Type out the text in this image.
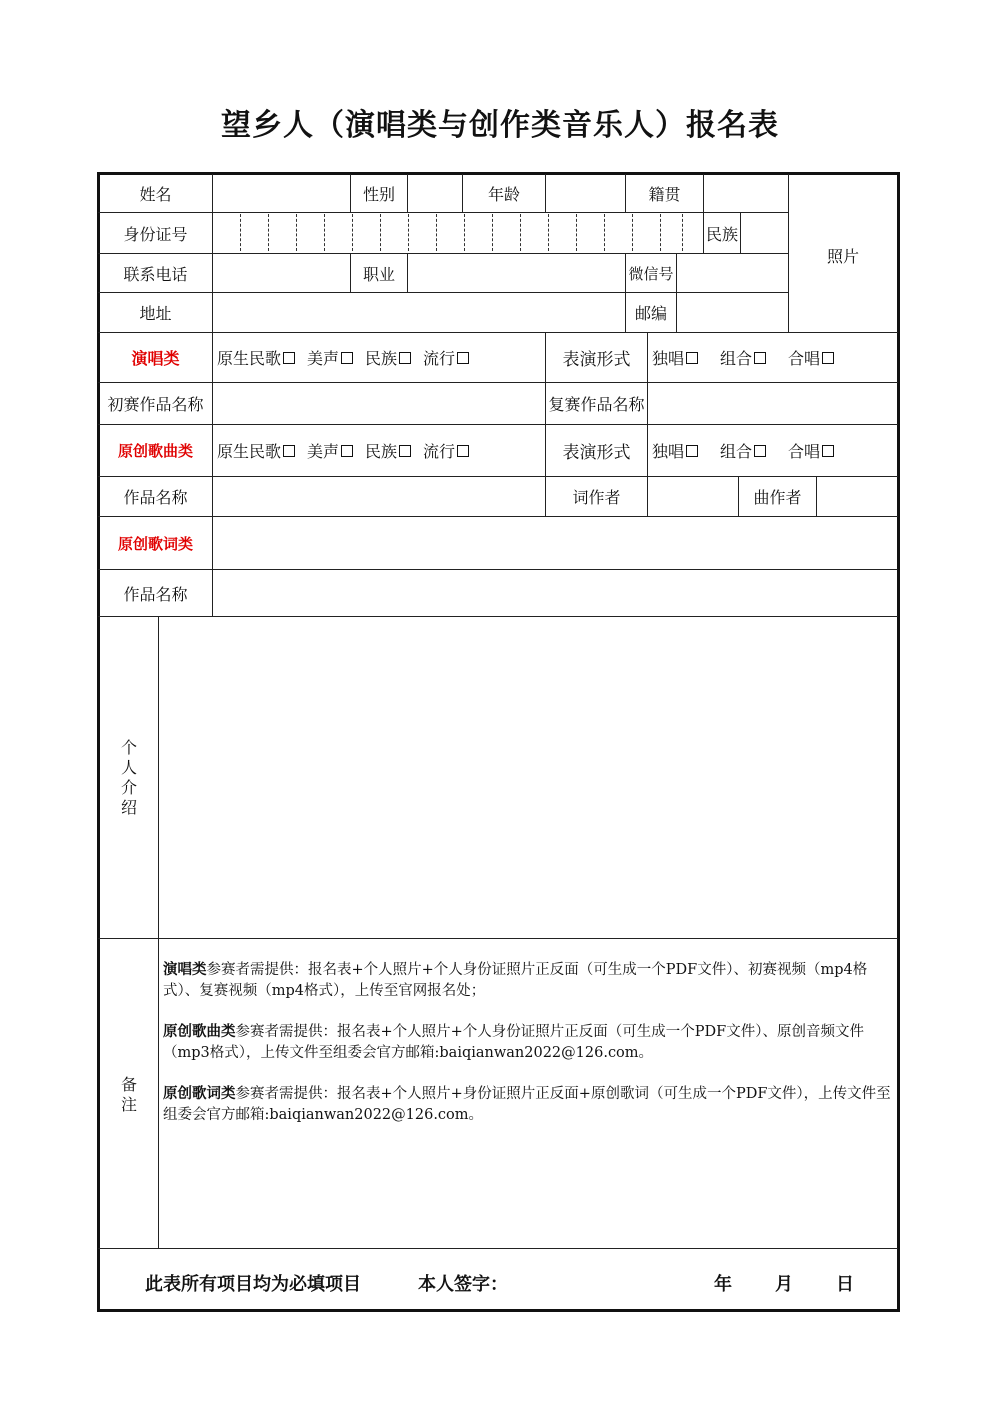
望乡人（演唱类与创作类音乐人）报名表
姓名	性别	年龄	籍贯
照片
身份证号	民族
联系电话	职业	微信号
地址	邮编
演唱类	原生民歌 美声 民族 流行	表演形式	独唱 组合 合唱
初赛作品名称	复赛作品名称
原创歌曲类	原生民歌 美声 民族 流行	表演形式	独唱 组合 合唱
作品名称	词作者	曲作者
原创歌词类
作品名称
个人介绍
备注

演唱类参赛者需提供：报名表+个人照片+个人身份证照片正反面（可生成一个PDF文件）、初赛视频（mp4格式）、复赛视频（mp4格式），上传至官网报名处；

原创歌曲类参赛者需提供：报名表+个人照片+个人身份证照片正反面（可生成一个PDF文件）、原创音频文件（mp3格式），上传文件至组委会官方邮箱:baiqianwan2022@126.com。

原创歌词类参赛者需提供：报名表+个人照片+身份证照片正反面+原创歌词（可生成一个PDF文件），上传文件至组委会官方邮箱:baiqianwan2022@126.com。

此表所有项目均为必填项目	本人签字：	年 月 日
